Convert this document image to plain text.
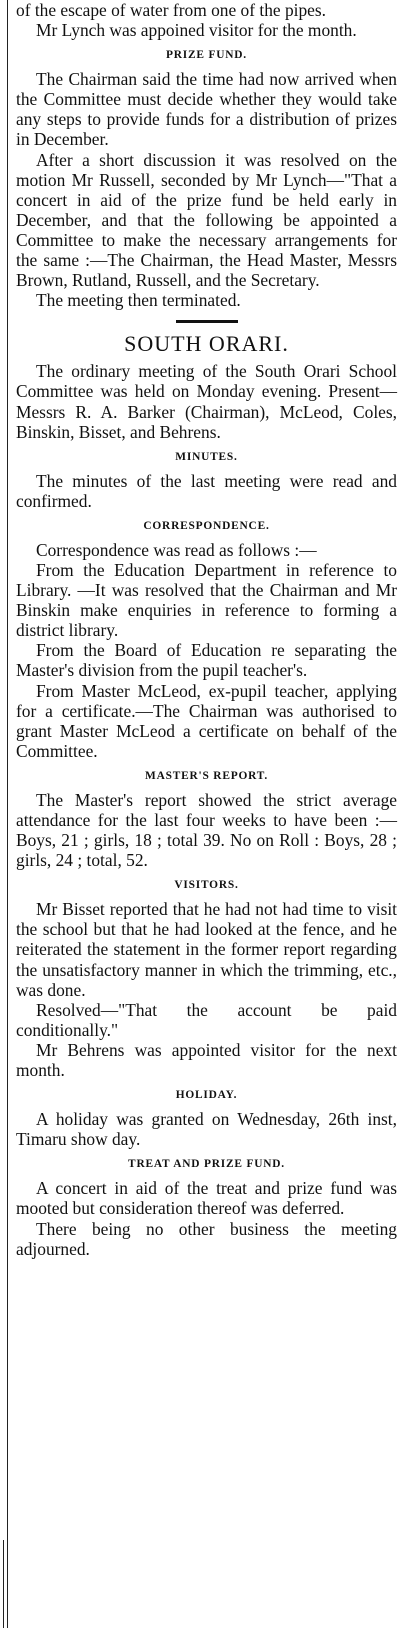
of the escape of water from one of the pipes.

Mr Lynch was appoined visitor for the month.

PRIZE FUND.

The Chairman said the time had now arrived when the Committee must decide whether they would take any steps to provide funds for a distribution of prizes in December.

After a short discussion it was resolved on the motion Mr Russell, seconded by Mr Lynch—"That a concert in aid of the prize fund be held early in December, and that the following be appointed a Committee to make the necessary arrangements for the same :—The Chairman, the Head Master, Messrs Brown, Rutland, Russell, and the Secretary.

The meeting then terminated.

SOUTH ORARI.

The ordinary meeting of the South Orari School Committee was held on Monday evening. Present—Messrs R. A. Barker (Chairman), McLeod, Coles, Binskin, Bisset, and Behrens.

MINUTES.

The minutes of the last meeting were read and confirmed.

CORRESPONDENCE.

Correspondence was read as follows :—

From the Education Department in reference to Library. —It was resolved that the Chairman and Mr Binskin make enquiries in reference to forming a district library.

From the Board of Education re separating the Master's division from the pupil teacher's.

From Master McLeod, ex-pupil teacher, applying for a certificate.—The Chairman was authorised to grant Master McLeod a certificate on behalf of the Committee.

MASTER'S REPORT.

The Master's report showed the strict average attendance for the last four weeks to have been :—Boys, 21 ; girls, 18 ; total 39. No on Roll : Boys, 28 ; girls, 24 ; total, 52.

VISITORS.

Mr Bisset reported that he had not had time to visit the school but that he had looked at the fence, and he reiterated the statement in the former report regarding the unsatisfactory manner in which the trimming, etc., was done.

Resolved—"That the account be paid conditionally."

Mr Behrens was appointed visitor for the next month.

HOLIDAY.

A holiday was granted on Wednesday, 26th inst, Timaru show day.

TREAT AND PRIZE FUND.

A concert in aid of the treat and prize fund was mooted but consideration thereof was deferred.

There being no other business the meeting adjourned.
